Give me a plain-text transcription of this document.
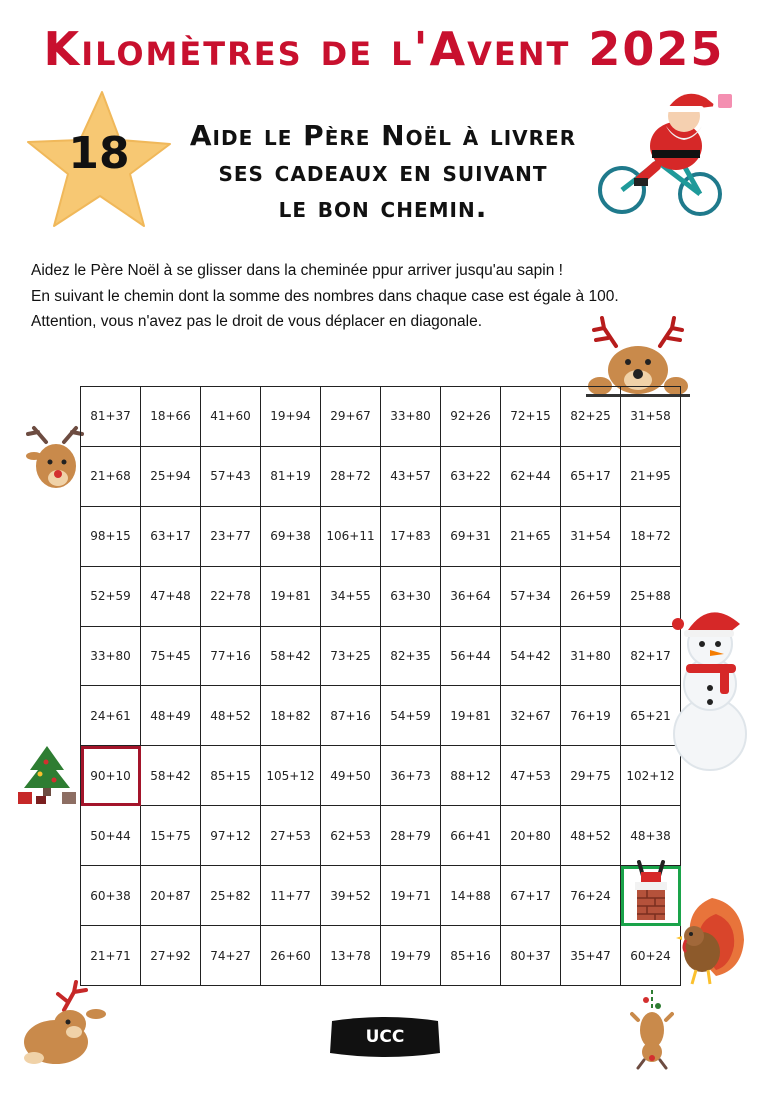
Kilomètres de l'Avent 2025
18	Aide le Père Noël à livrer
ses cadeaux en suivant
le bon chemin.
Aidez le Père Noël à se glisser dans la cheminée ppur arriver jusqu'au sapin !
En suivant le chemin dont la somme des nombres dans chaque case est égale à 100.
Attention, vous n'avez pas le droit de vous déplacer en diagonale.
81+37	18+66	41+60	19+94	29+67	33+80	92+26	72+15	82+25	31+58
21+68	25+94	57+43	81+19	28+72	43+57	63+22	62+44	65+17	21+95
98+15	63+17	23+77	69+38	106+11	17+83	69+31	21+65	31+54	18+72
52+59	47+48	22+78	19+81	34+55	63+30	36+64	57+34	26+59	25+88
33+80	75+45	77+16	58+42	73+25	82+35	56+44	54+42	31+80	82+17
24+61	48+49	48+52	18+82	87+16	54+59	19+81	32+67	76+19	65+21
90+10	58+42	85+15	105+12	49+50	36+73	88+12	47+53	29+75	102+12
50+44	15+75	97+12	27+53	62+53	28+79	66+41	20+80	48+52	48+38
60+38	20+87	25+82	11+77	39+52	19+71	14+88	67+17	76+24	
21+71	27+92	74+27	26+60	13+78	19+79	85+16	80+37	35+47	60+24
UCC VIVONNE
